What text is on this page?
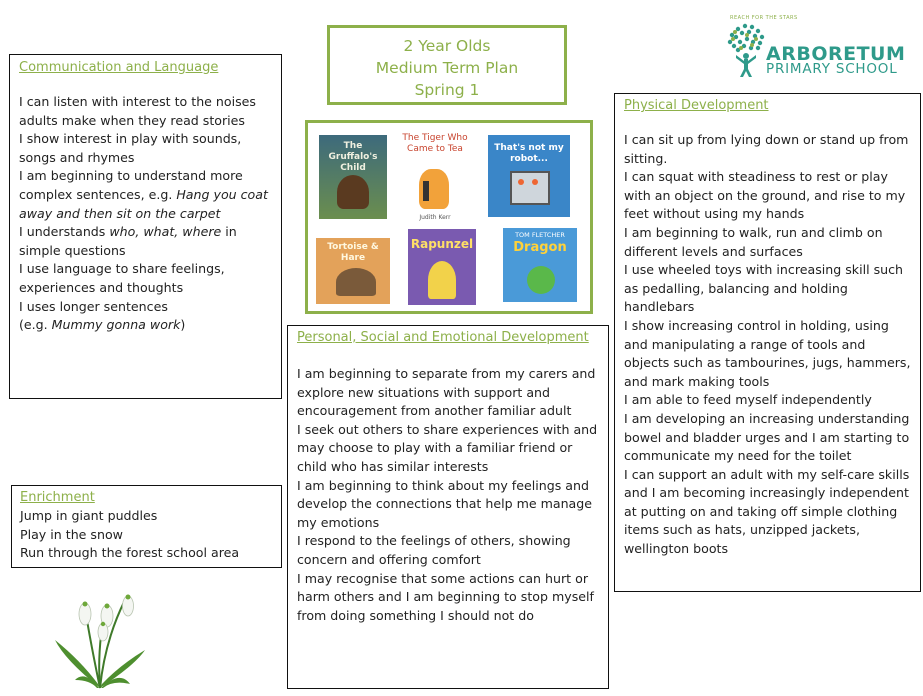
2 Year Olds
Medium Term Plan
Spring 1
REACH FOR THE STARS
ARBORETUM
PRIMARY SCHOOL
Communication and Language
I can listen with interest to the noises adults make when they read stories
I show interest in play with sounds, songs and rhymes
I am beginning to understand more complex sentences, e.g. Hang you coat away and then sit on the carpet
I understands who, what, where in simple questions
I use language to share feelings, experiences and thoughts
I uses longer sentences
(e.g. Mummy gonna work)
Enrichment
Jump in giant puddles
Play in the snow
Run through the forest school area
The Gruffalo's Child
The Tiger Who Came to Tea
Judith Kerr
That's not my robot...
Tortoise & Hare
Rapunzel
TOM FLETCHER
Dragon
Personal, Social and Emotional Development
I am beginning to separate from my carers and explore new situations with support and encouragement from another familiar adult
I seek out others to share experiences with and may choose to play with a familiar friend or child who has similar interests
I am beginning to think about my feelings and develop the connections that help me manage my emotions
I respond to the feelings of others, showing concern and offering comfort
I may recognise that some actions can hurt or harm others and I am beginning to stop myself from doing something I should not do
Physical Development
I can sit up from lying down or stand up from sitting.
I can squat with steadiness to rest or play with an object on the ground, and rise to my feet without using my hands
I am beginning to walk, run and climb on different levels and surfaces
I use wheeled toys with increasing skill such as pedalling, balancing and holding handlebars
I show increasing control in holding, using and manipulating a range of tools and objects such as tambourines, jugs, hammers, and mark making tools
I am able to feed myself independently
I am developing an increasing understanding bowel and bladder urges and I am starting to communicate my need for the toilet
I can support an adult with my self-care skills and I am becoming increasingly independent at putting on and taking off simple clothing items such as hats, unzipped jackets, wellington boots
